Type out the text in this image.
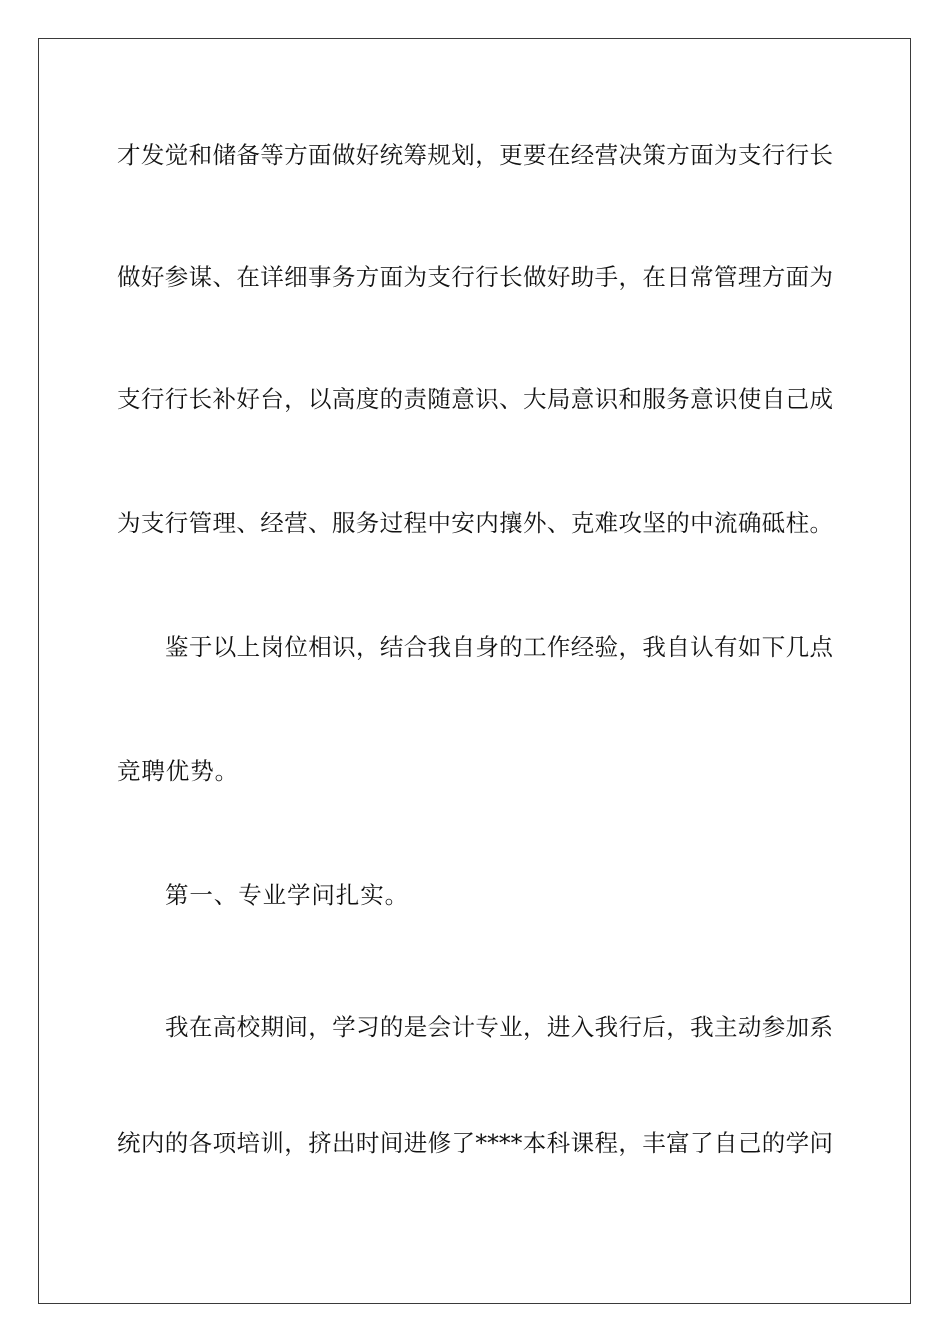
才发觉和储备等方面做好统筹规划，更要在经营决策方面为支行行长
做好参谋、在详细事务方面为支行行长做好助手，在日常管理方面为
支行行长补好台，以高度的责随意识、大局意识和服务意识使自己成
为支行管理、经营、服务过程中安内攘外、克难攻坚的中流确砥柱。
鉴于以上岗位相识，结合我自身的工作经验，我自认有如下几点
竞聘优势。
第一、专业学问扎实。
我在高校期间，学习的是会计专业，进入我行后，我主动参加系
统内的各项培训，挤出时间进修了****本科课程，丰富了自己的学问
